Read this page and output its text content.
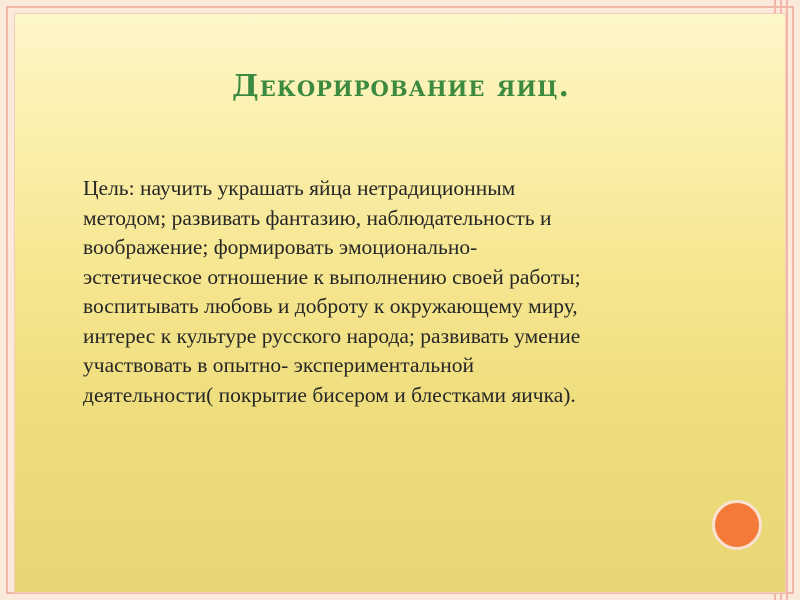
Декорирование яиц.
Цель: научить украшать яйца нетрадиционным
методом; развивать фантазию, наблюдательность и
воображение; формировать эмоционально-
эстетическое отношение к выполнению своей работы;
воспитывать любовь и доброту к окружающему миру,
интерес к культуре русского народа; развивать умение
участвовать в опытно- экспериментальной
деятельности( покрытие бисером и блестками яичка).
